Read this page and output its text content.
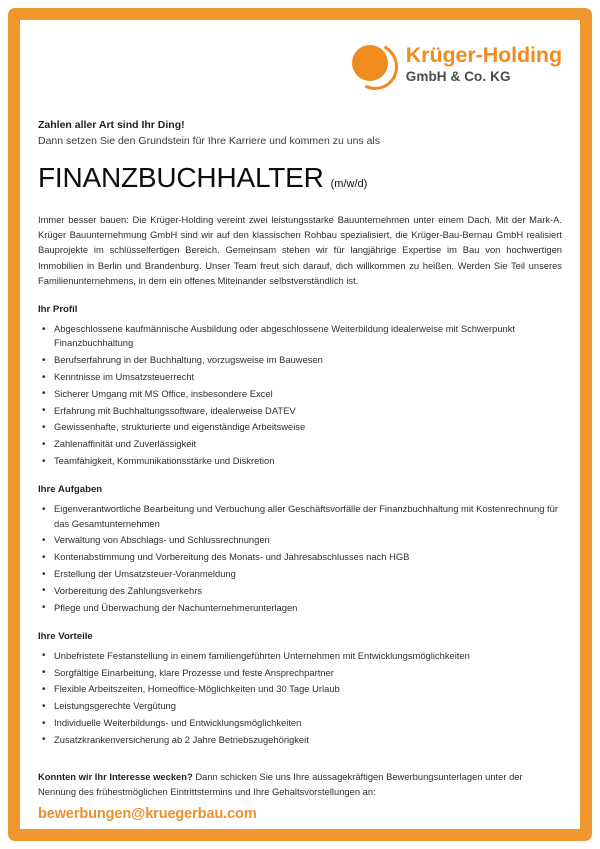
Krüger-Holding
GmbH & Co. KG
Zahlen aller Art sind Ihr Ding!
Dann setzen Sie den Grundstein für Ihre Karriere und kommen zu uns als
FINANZBUCHHALTER (m/w/d)
Immer besser bauen: Die Krüger-Holding vereint zwei leistungsstarke Bauunternehmen unter einem Dach. Mit der Mark-A. Krüger Bauunternehmung GmbH sind wir auf den klassischen Rohbau spezialisiert, die Krüger-Bau-Bernau GmbH realisiert Bauprojekte im schlüsselfertigen Bereich. Gemeinsam stehen wir für langjährige Expertise im Bau von hochwertigen Immobilien in Berlin und Brandenburg. Unser Team freut sich darauf, dich willkommen zu heißen. Werden Sie Teil unseres Familienunternehmens, in dem ein offenes Miteinander selbstverständlich ist.
Ihr Profil
• Abgeschlossene kaufmännische Ausbildung oder abgeschlossene Weiterbildung idealerweise mit Schwerpunkt Finanzbuchhaltung
• Berufserfahrung in der Buchhaltung, vorzugsweise im Bauwesen
• Kenntnisse im Umsatzsteuerrecht
• Sicherer Umgang mit MS Office, insbesondere Excel
• Erfahrung mit Buchhaltungssoftware, idealerweise DATEV
• Gewissenhafte, strukturierte und eigenständige Arbeitsweise
• Zahlenaffinität und Zuverlässigkeit
• Teamfähigkeit, Kommunikationsstärke und Diskretion
Ihre Aufgaben
• Eigenverantwortliche Bearbeitung und Verbuchung aller Geschäftsvorfälle der Finanzbuchhaltung mit Kostenrechnung für das Gesamtunternehmen
• Verwaltung von Abschlags- und Schlussrechnungen
• Kontenabstimmung und Vorbereitung des Monats- und Jahresabschlusses nach HGB
• Erstellung der Umsatzsteuer-Voranmeldung
• Vorbereitung des Zahlungsverkehrs
• Pflege und Überwachung der Nachunternehmerunterlagen
Ihre Vorteile
• Unbefristete Festanstellung in einem familiengeführten Unternehmen mit Entwicklungsmöglichkeiten
• Sorgfältige Einarbeitung, klare Prozesse und feste Ansprechpartner
• Flexible Arbeitszeiten, Homeoffice-Möglichkeiten und 30 Tage Urlaub
• Leistungsgerechte Vergütung
• Individuelle Weiterbildungs- und Entwicklungsmöglichkeiten
• Zusatzkrankenversicherung ab 2 Jahre Betriebszugehörigkeit

Konnten wir Ihr Interesse wecken? Dann schicken Sie uns Ihre aussagekräftigen Bewerbungsunterlagen unter der Nennung des frühestmöglichen Eintrittstermins und Ihre Gehaltsvorstellungen an:

bewerbungen@kruegerbau.com
